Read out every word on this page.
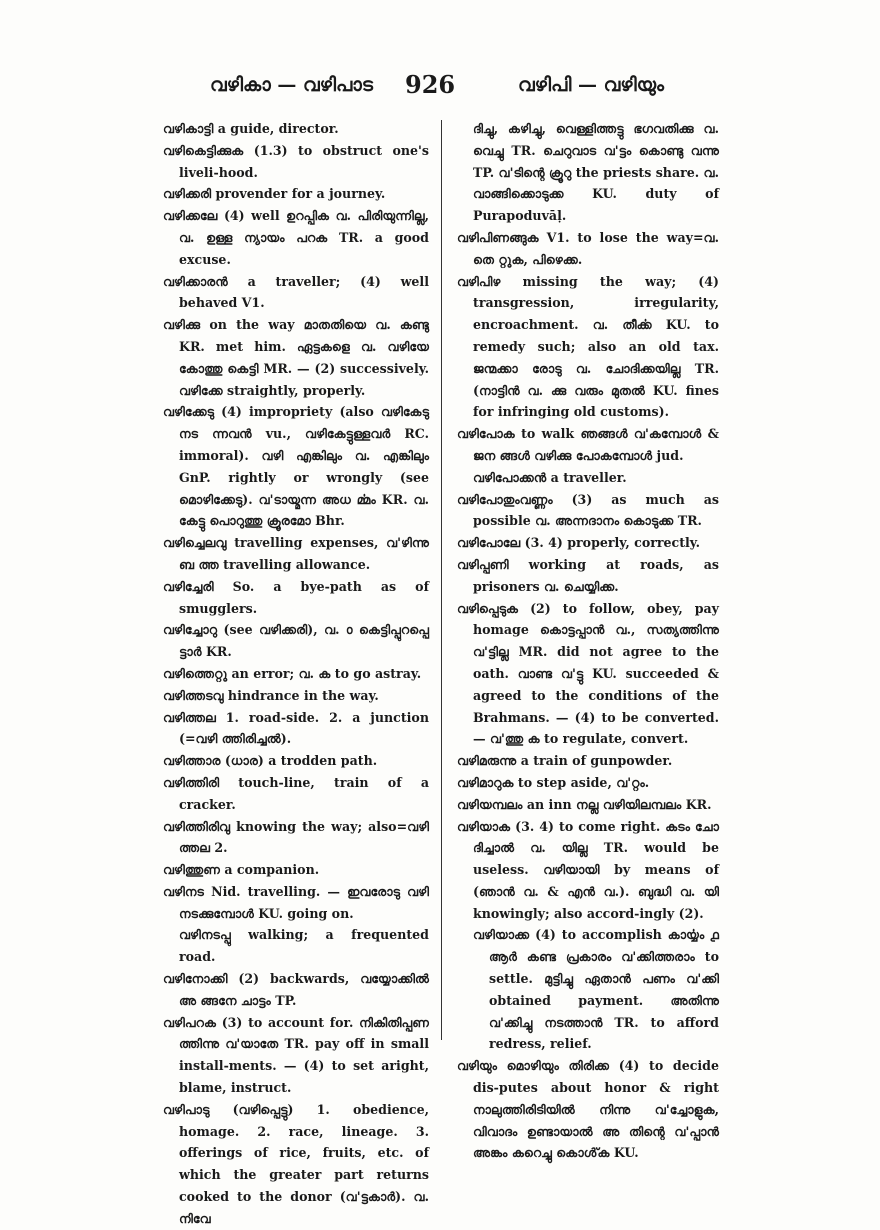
വഴികാ — വഴിപാട 926	വഴിപി — വഴിയും

വഴികാട്ടി a guide, director.

വഴികെട്ടിക്കുക (1.3) to obstruct one's liveli-hood.

വഴിക്കരി provender for a journey.

വഴിക്കലേ (4) well ഉറപ്പിക വ. പിരിയുന്നില്ല, വ. ഉള്ള ന്യായം പറക TR. a good excuse.

വഴിക്കാരൻ a traveller; (4) well behaved V1.

വഴിക്കു on the way മാതതിയെ വ. കണ്ടു KR. met him. ഏട്ടകളെ വ. വഴിയേ കോത്തു കെട്ടി MR. — (2) successively. വഴിക്കേ straightly, properly.

വഴിക്കേടു (4) impropriety (also വഴികേടു നട ന്നവൻ vu., വഴികേട്ടുള്ളവർ RC. immoral). വഴി എങ്കിലും വ. എങ്കിലും GnP. rightly or wrongly (see മൊഴിക്കേടു). വ'ടായ്മന്ന അധ ൎമ്മം KR. വ. കേട്ടു പൊറുത്തു ക്രൂരമോ Bhr.

വഴിച്ചെലവു travelling expenses, വ'ഴിന്നു ബ ത്ത travelling allowance.

വഴിച്ചേരി So. a bye-path as of smugglers.

വഴിച്ചോറു (see വഴിക്കരി), വ. ൦ കെട്ടിപ്പുറപ്പെ ട്ടാർ KR.

വഴിത്തെറ്റു an error; വ. ക to go astray.

വഴിത്തടവു hindrance in the way.

വഴിത്തല 1. road-side. 2. a junction (=വഴി ത്തിരിച്ചൽ).

വഴിത്താര (ധാര) a trodden path.

വഴിത്തിരി touch-line, train of a cracker.

വഴിത്തിരിവു knowing the way; also=വഴി ത്തല 2.

വഴിത്തുണ a companion.

വഴിനട Nid. travelling. — ഇവരോടു വഴി നടക്കുമ്പോൾ KU. going on.

വഴിനടപ്പു walking; a frequented road.

വഴിനോക്കി (2) backwards, വയ്യോക്കിൽ അ ങ്ങനേ ചാട്ടം TP.

വഴിപറക (3) to account for. നികിതിപ്പണ ത്തിന്നു വ'യാതേ TR. pay off in small install-ments. — (4) to set aright, blame, instruct.

വഴിപാടു (വഴിപ്പെട്ടു) 1. obedience, homage. 2. race, lineage. 3. offerings of rice, fruits, etc. of which the greater part returns cooked to the donor (വ'ട്ടകാർ). വ. നിവേ

ദിച്ചു, കഴിച്ചു, വെള്ളിത്തട്ടു ഭഗവതിക്കു വ. വെച്ചു TR. ചെറുവാട വ'ട്ടം കൊണ്ടു വന്നു TP. വ'ടിന്റെ ക്രൂറു the priests share. വ. വാങ്ങിക്കൊടുക്ക KU. duty of Purapoduvāḷ.

വഴിപിണങ്ങുക V1. to lose the way=വ. തെ റ്റുക, പിഴെക്ക.

വഴിപിഴ missing the way; (4) transgression, irregularity, encroachment. വ. തീൎക്ക KU. to remedy such; also an old tax. ജന്മക്കാ രോടു വ. ചോദിക്കയില്ല TR. (നാട്ടിൻ വ. ക്കു വരും മുതൽ KU. fines for infringing old customs).

വഴിപോക to walk ഞങ്ങൾ വ'കമ്പോൾ & ജന ങ്ങൾ വഴിക്കു പോകമ്പോൾ jud.

വഴിപോക്കൻ a traveller.

വഴിപോതുംവണ്ണം (3) as much as possible വ. അന്നദാനം കൊടുക്ക TR.

വഴിപോലേ (3. 4) properly, correctly.

വഴിപ്പണി working at roads, as prisoners വ. ചെയ്യിക്ക.

വഴിപ്പെടുക (2) to follow, obey, pay homage കൊട്ടപ്പാൻ വ., സത്യത്തിന്നു വ'ട്ടില്ല MR. did not agree to the oath. വാണ്ട വ'ട്ടു KU. succeeded & agreed to the conditions of the Brahmans. — (4) to be converted. — വ'ത്തു ക to regulate, convert.

വഴിമരുന്നു a train of gunpowder.

വഴിമാറുക to step aside, വ'റ്റം.

വഴിയമ്പലം an inn നല്ല വഴിയിലമ്പലം KR.

വഴിയാക (3. 4) to come right. കടം ചോ ദിച്ചാൽ വ. യില്ല TR. would be useless. വഴിയായി by means of (ഞാൻ വ. & എൻ വ.). ബുദ്ധി വ. യി knowingly; also accord-ingly (2).

വഴിയാക്ക (4) to accomplish കാൎയ്യം ൧ ആർ കണ്ട പ്രകാരം വ'ക്കിത്തരാം to settle. മുട്ടിച്ചു ഏതാൻ പണം വ'ക്കി obtained payment. അതിന്നു വ'ക്കിച്ചു നടത്താൻ TR. to afford redress, relief.

വഴിയും മൊഴിയും തിരിക്ക (4) to decide dis-putes about honor & right നാലുത്തിരിടിയിൽ നിന്നു വ'ച്ചോളുക, വിവാദം ഉണ്ടായാൽ അ തിന്റെ വ'പ്പാൻ അങ്കം കറെച്ചു കൊൾ്ക KU.
